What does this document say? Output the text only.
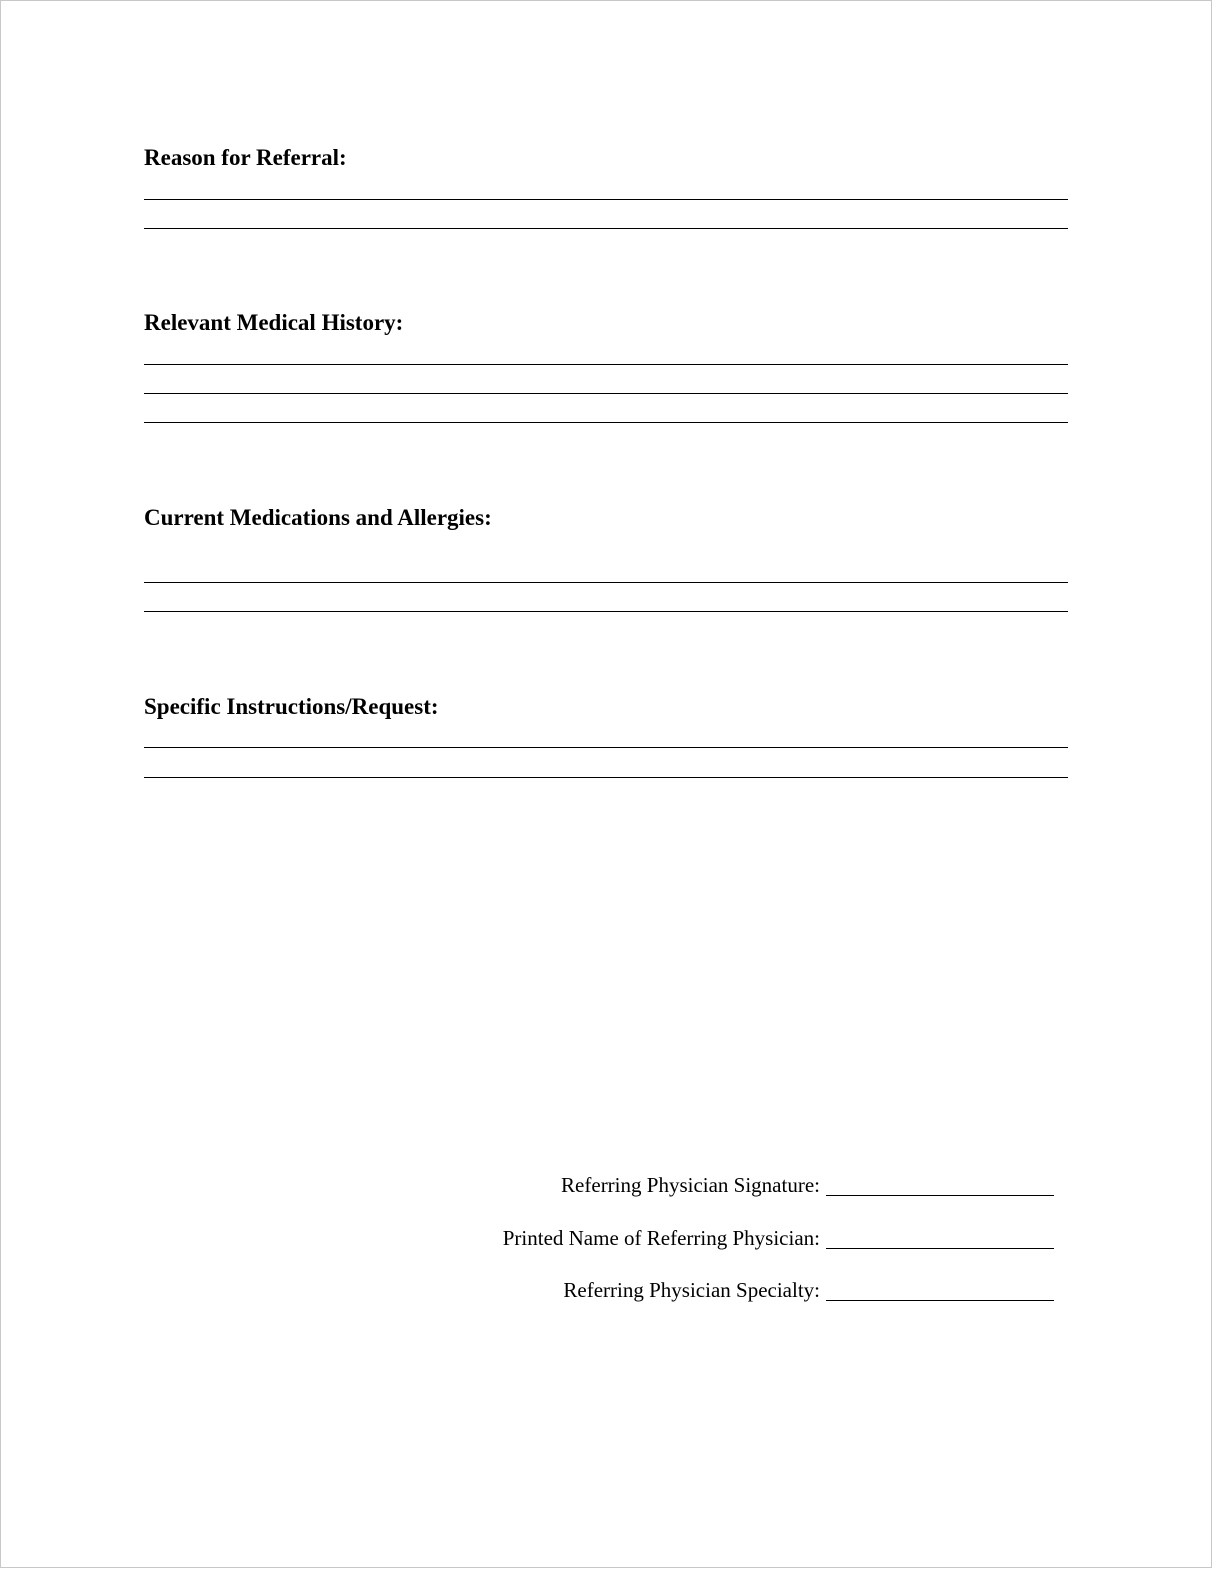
Reason for Referral:
Relevant Medical History:
Current Medications and Allergies:
Specific Instructions/Request:
Referring Physician Signature:
Printed Name of Referring Physician:
Referring Physician Specialty:
